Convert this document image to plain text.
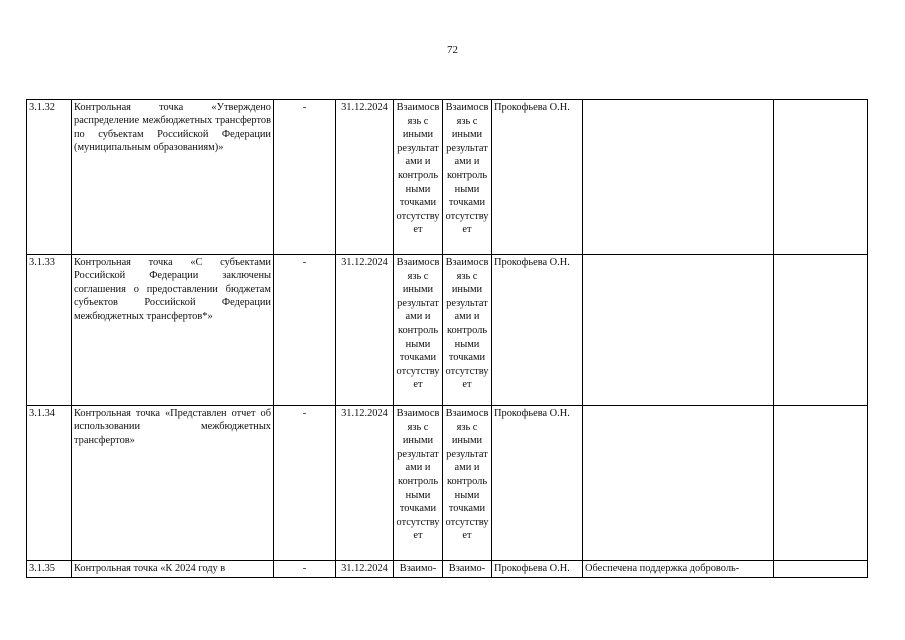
72
3.1.32	Контрольная точка «Утверждено распределение межбюджетных трансфертов по субъектам Российской Федерации (муниципальным образованиям)»	-	31.12.2024	Взаимосвязь с иными результатами и контрольными точками отсутствует	Взаимосвязь с иными результатами и контрольными точками отсутствует	Прокофьева О.Н.		
3.1.33	Контрольная точка «С субъектами Российской Федерации заключены соглашения о предоставлении бюджетам субъектов Российской Федерации межбюджетных трансфертов*»	-	31.12.2024	Взаимосвязь с иными результатами и контрольными точками отсутствует	Взаимосвязь с иными результатами и контрольными точками отсутствует	Прокофьева О.Н.		
3.1.34	Контрольная точка «Представлен отчет об использовании межбюджетных трансфертов»	-	31.12.2024	Взаимосвязь с иными результатами и контрольными точками отсутствует	Взаимосвязь с иными результатами и контрольными точками отсутствует	Прокофьева О.Н.		
3.1.35	Контрольная точка «К 2024 году в	-	31.12.2024	Взаимо-	Взаимо-	Прокофьева О.Н.	Обеспечена поддержка доброволь-	
